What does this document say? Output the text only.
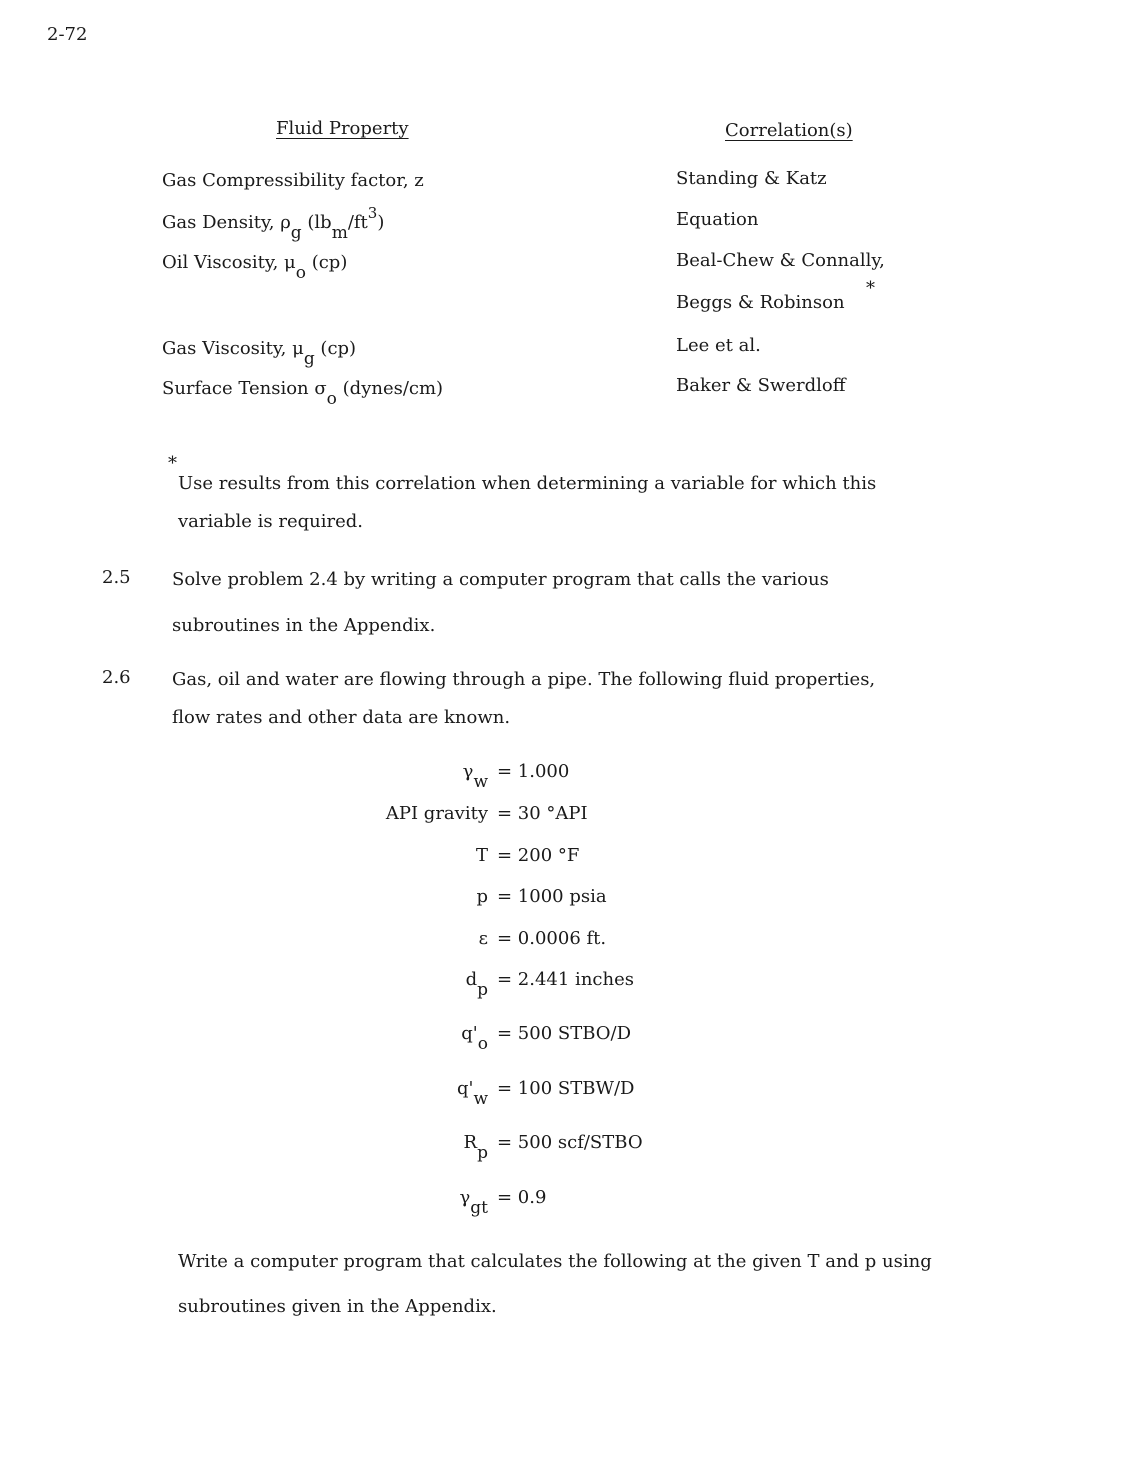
2-72
Fluid Property	Correlation(s)
Gas Compressibility factor, z
Gas Density, $\rho_g$ $(lb_m/ft^3)$
Oil Viscosity, $\mu_o$ (cp)
Gas Viscosity, $\mu_g$ (cp)
Surface Tension $\sigma_o$ (dynes/cm)
Standing & Katz
Equation
Beal-Chew & Connally,
*
Beggs & Robinson
Lee et al.
Baker & Swerdloff
*
Use results from this correlation when determining a variable for which this
variable is required.
2.5 Solve problem 2.4 by writing a computer program that calls the various
subroutines in the Appendix.
2.6 Gas, oil and water are flowing through a pipe. The following fluid properties,
flow rates and other data are known.
$\gamma_w = 1.000$
API gravity = 30 °API
T = 200 °F
p = 1000 psia
ε = 0.0006 ft.
$d_p = 2.441$ inches
$q'_o = 500$ STBO/D
$q'_w = 100$ STBW/D
$R_p = 500$ scf/STBO
$\gamma_{gt} = 0.9$
Write a computer program that calculates the following at the given T and p using
subroutines given in the Appendix.
